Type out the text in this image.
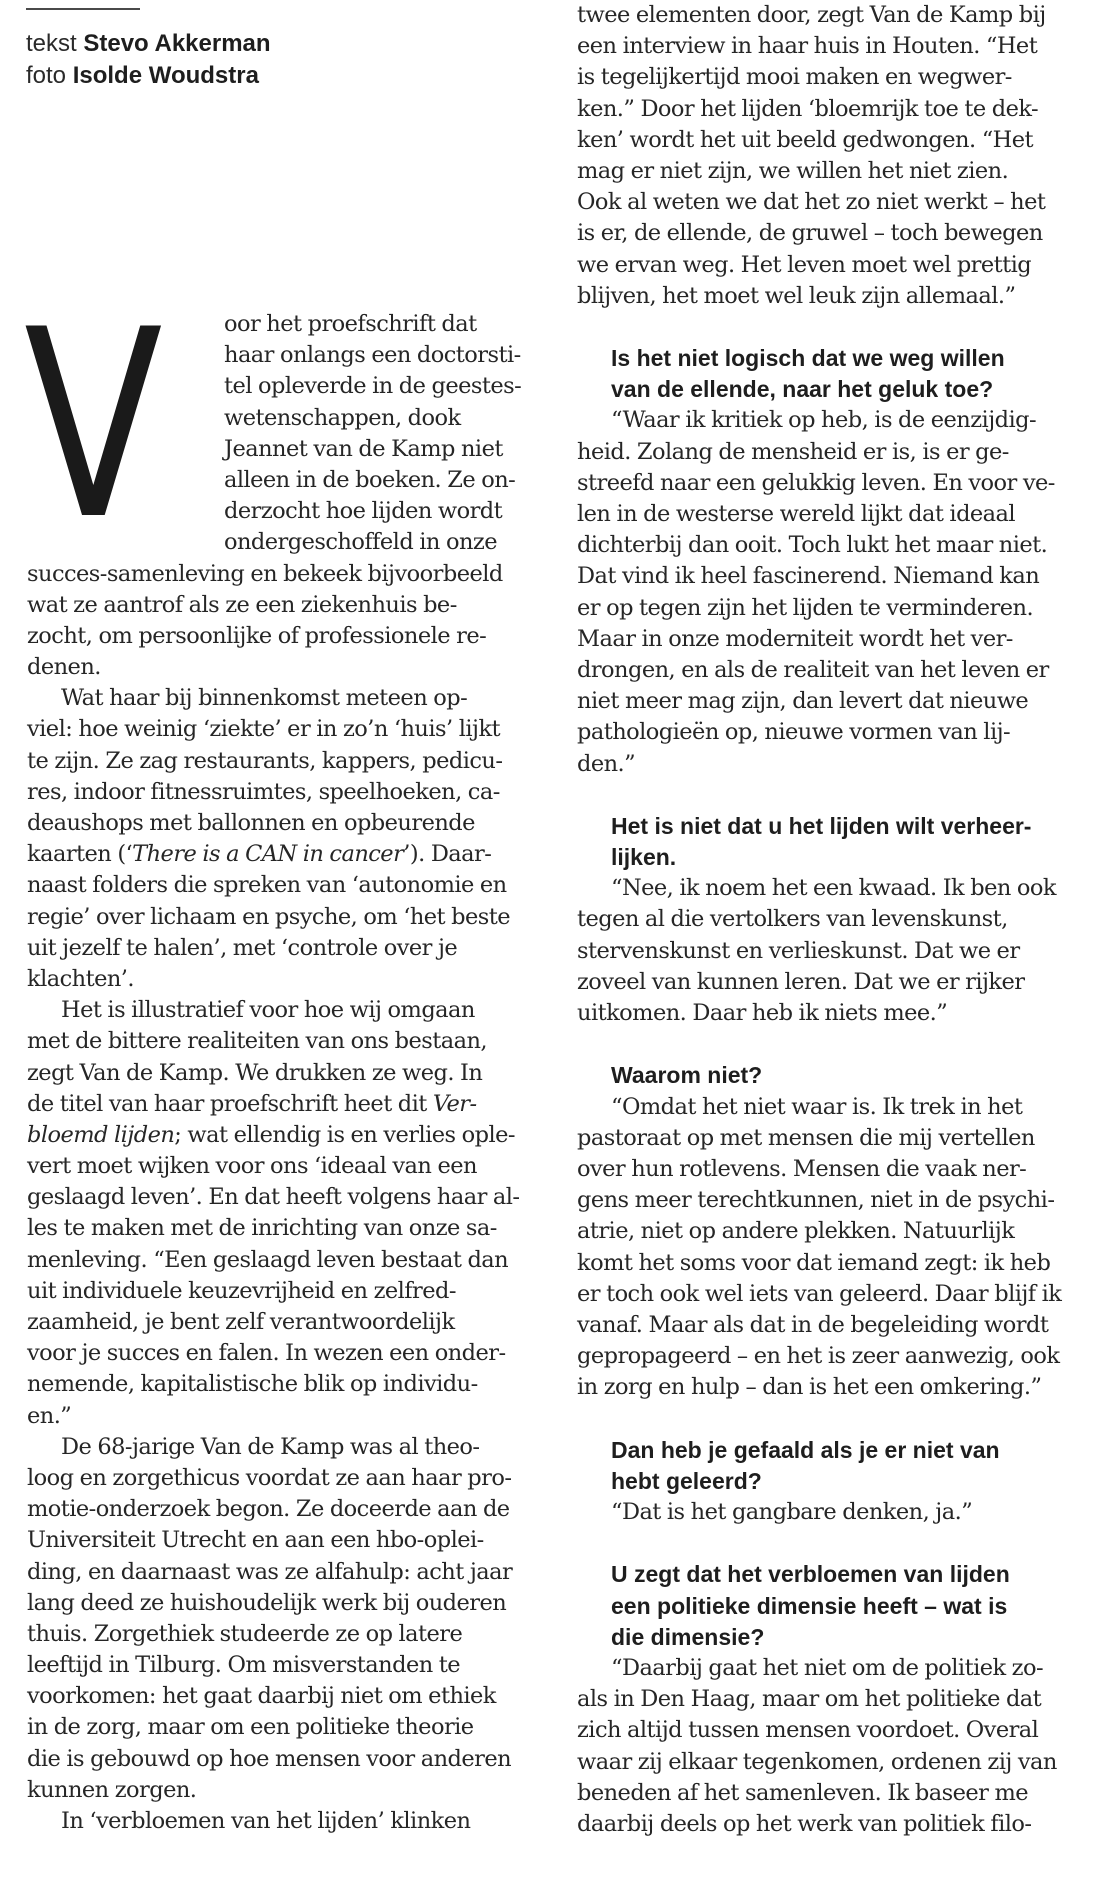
tekst Stevo Akkerman
foto Isolde Woudstra
V	oor het proefschrift dat
haar onlangs een doctorsti-
tel opleverde in de geestes-
wetenschappen, dook
Jeannet van de Kamp niet
alleen in de boeken. Ze on-
derzocht hoe lijden wordt
ondergeschoffeld in onze
succes-samenleving en bekeek bijvoorbeeld
wat ze aantrof als ze een ziekenhuis be-
zocht, om persoonlijke of professionele re-
denen.
Wat haar bij binnenkomst meteen op-
viel: hoe weinig ‘ziekte’ er in zo’n ‘huis’ lijkt
te zijn. Ze zag restaurants, kappers, pedicu-
res, indoor fitnessruimtes, speelhoeken, ca-
deaushops met ballonnen en opbeurende
kaarten (‘There is a CAN in cancer’). Daar-
naast folders die spreken van ‘autonomie en
regie’ over lichaam en psyche, om ‘het beste
uit jezelf te halen’, met ‘controle over je
klachten’.
Het is illustratief voor hoe wij omgaan
met de bittere realiteiten van ons bestaan,
zegt Van de Kamp. We drukken ze weg. In
de titel van haar proefschrift heet dit Ver-
bloemd lijden; wat ellendig is en verlies ople-
vert moet wijken voor ons ‘ideaal van een
geslaagd leven’. En dat heeft volgens haar al-
les te maken met de inrichting van onze sa-
menleving. “Een geslaagd leven bestaat dan
uit individuele keuzevrijheid en zelfred-
zaamheid, je bent zelf verantwoordelijk
voor je succes en falen. In wezen een onder-
nemende, kapitalistische blik op individu-
en.”
De 68-jarige Van de Kamp was al theo-
loog en zorgethicus voordat ze aan haar pro-
motie-onderzoek begon. Ze doceerde aan de
Universiteit Utrecht en aan een hbo-oplei-
ding, en daarnaast was ze alfahulp: acht jaar
lang deed ze huishoudelijk werk bij ouderen
thuis. Zorgethiek studeerde ze op latere
leeftijd in Tilburg. Om misverstanden te
voorkomen: het gaat daarbij niet om ethiek
in de zorg, maar om een politieke theorie
die is gebouwd op hoe mensen voor anderen
kunnen zorgen.
In ‘verbloemen van het lijden’ klinken
twee elementen door, zegt Van de Kamp bij
een interview in haar huis in Houten. “Het
is tegelijkertijd mooi maken en wegwer-
ken.” Door het lijden ‘bloemrijk toe te dek-
ken’ wordt het uit beeld gedwongen. “Het
mag er niet zijn, we willen het niet zien.
Ook al weten we dat het zo niet werkt – het
is er, de ellende, de gruwel – toch bewegen
we ervan weg. Het leven moet wel prettig
blijven, het moet wel leuk zijn allemaal.”
Is het niet logisch dat we weg willen
van de ellende, naar het geluk toe?
“Waar ik kritiek op heb, is de eenzijdig-
heid. Zolang de mensheid er is, is er ge-
streefd naar een gelukkig leven. En voor ve-
len in de westerse wereld lijkt dat ideaal
dichterbij dan ooit. Toch lukt het maar niet.
Dat vind ik heel fascinerend. Niemand kan
er op tegen zijn het lijden te verminderen.
Maar in onze moderniteit wordt het ver-
drongen, en als de realiteit van het leven er
niet meer mag zijn, dan levert dat nieuwe
pathologieën op, nieuwe vormen van lij-
den.”
Het is niet dat u het lijden wilt verheer-
lijken.
“Nee, ik noem het een kwaad. Ik ben ook
tegen al die vertolkers van levenskunst,
stervenskunst en verlieskunst. Dat we er
zoveel van kunnen leren. Dat we er rijker
uitkomen. Daar heb ik niets mee.”
Waarom niet?
“Omdat het niet waar is. Ik trek in het
pastoraat op met mensen die mij vertellen
over hun rotlevens. Mensen die vaak ner-
gens meer terechtkunnen, niet in de psychi-
atrie, niet op andere plekken. Natuurlijk
komt het soms voor dat iemand zegt: ik heb
er toch ook wel iets van geleerd. Daar blijf ik
vanaf. Maar als dat in de begeleiding wordt
gepropageerd – en het is zeer aanwezig, ook
in zorg en hulp – dan is het een omkering.”
Dan heb je gefaald als je er niet van
hebt geleerd?
“Dat is het gangbare denken, ja.”
U zegt dat het verbloemen van lijden
een politieke dimensie heeft – wat is
die dimensie?
“Daarbij gaat het niet om de politiek zo-
als in Den Haag, maar om het politieke dat
zich altijd tussen mensen voordoet. Overal
waar zij elkaar tegenkomen, ordenen zij van
beneden af het samenleven. Ik baseer me
daarbij deels op het werk van politiek filo-
